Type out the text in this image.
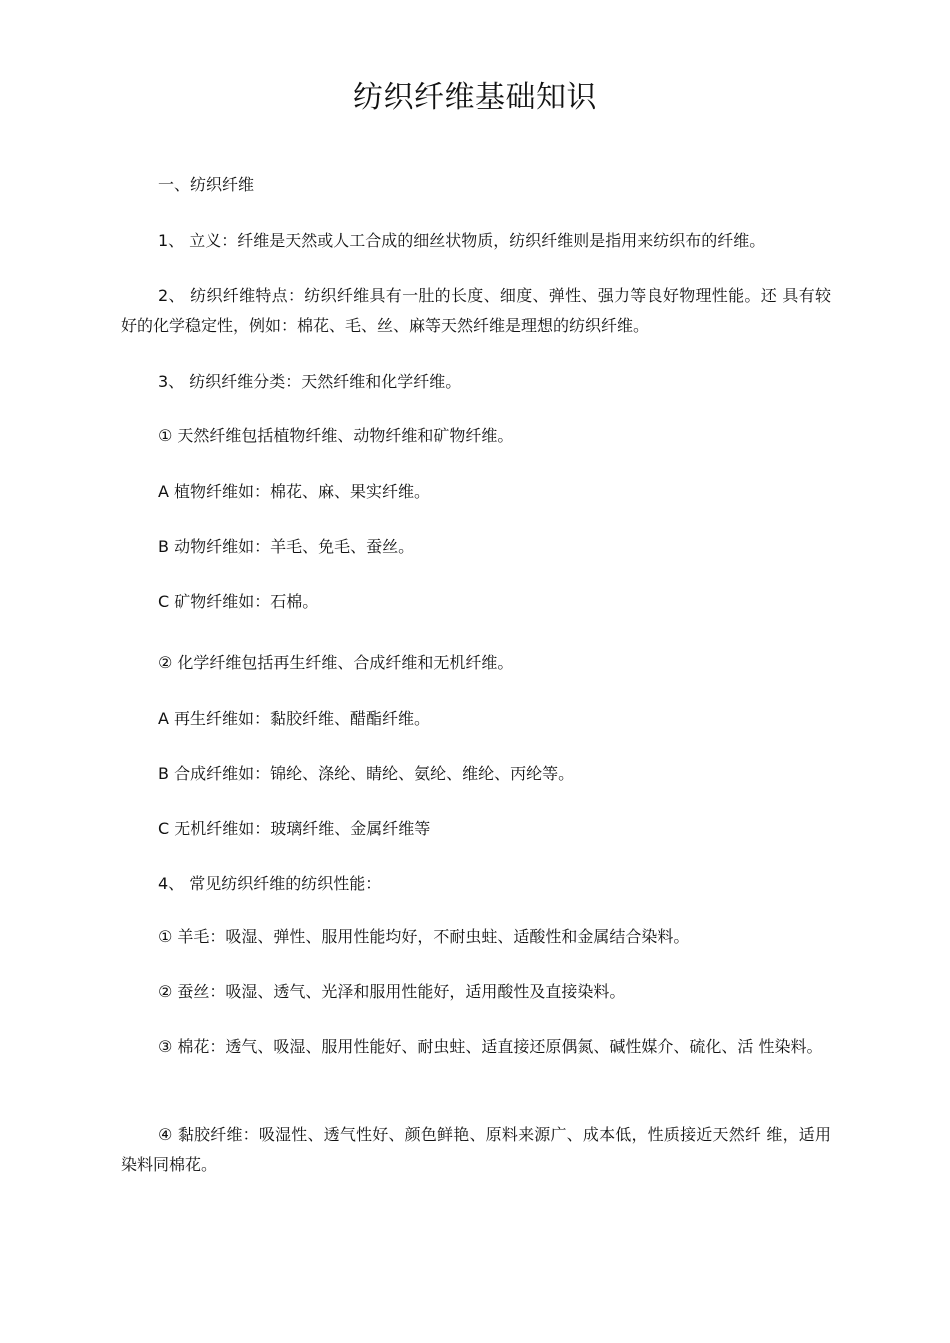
纺织纤维基础知识
一、纺织纤维
1、 立义：纤维是天然或人工合成的细丝状物质，纺织纤维则是指用来纺织布的纤维。
2、 纺织纤维特点：纺织纤维具有一肚的长度、细度、弹性、强力等良好物理性能。还 具有较好的化学稳定性，例如：棉花、毛、丝、麻等天然纤维是理想的纺织纤维。
3、 纺织纤维分类：天然纤维和化学纤维。
① 天然纤维包括植物纤维、动物纤维和矿物纤维。
A 植物纤维如：棉花、麻、果实纤维。
B 动物纤维如：羊毛、免毛、蚕丝。
C 矿物纤维如：石棉。
② 化学纤维包括再生纤维、合成纤维和无机纤维。
A 再生纤维如：黏胶纤维、醋酯纤维。
B 合成纤维如：锦纶、涤纶、睛纶、氨纶、维纶、丙纶等。
C 无机纤维如：玻璃纤维、金属纤维等
4、 常见纺织纤维的纺织性能：
① 羊毛：吸湿、弹性、服用性能均好，不耐虫蛀、适酸性和金属结合染料。
② 蚕丝：吸湿、透气、光泽和服用性能好，适用酸性及直接染料。
③ 棉花：透气、吸湿、服用性能好、耐虫蛀、适直接还原偶氮、碱性媒介、硫化、活 性染料。
④ 黏胶纤维：吸湿性、透气性好、颜色鲜艳、原料来源广、成本低，性质接近天然纤 维，适用染料同棉花。
